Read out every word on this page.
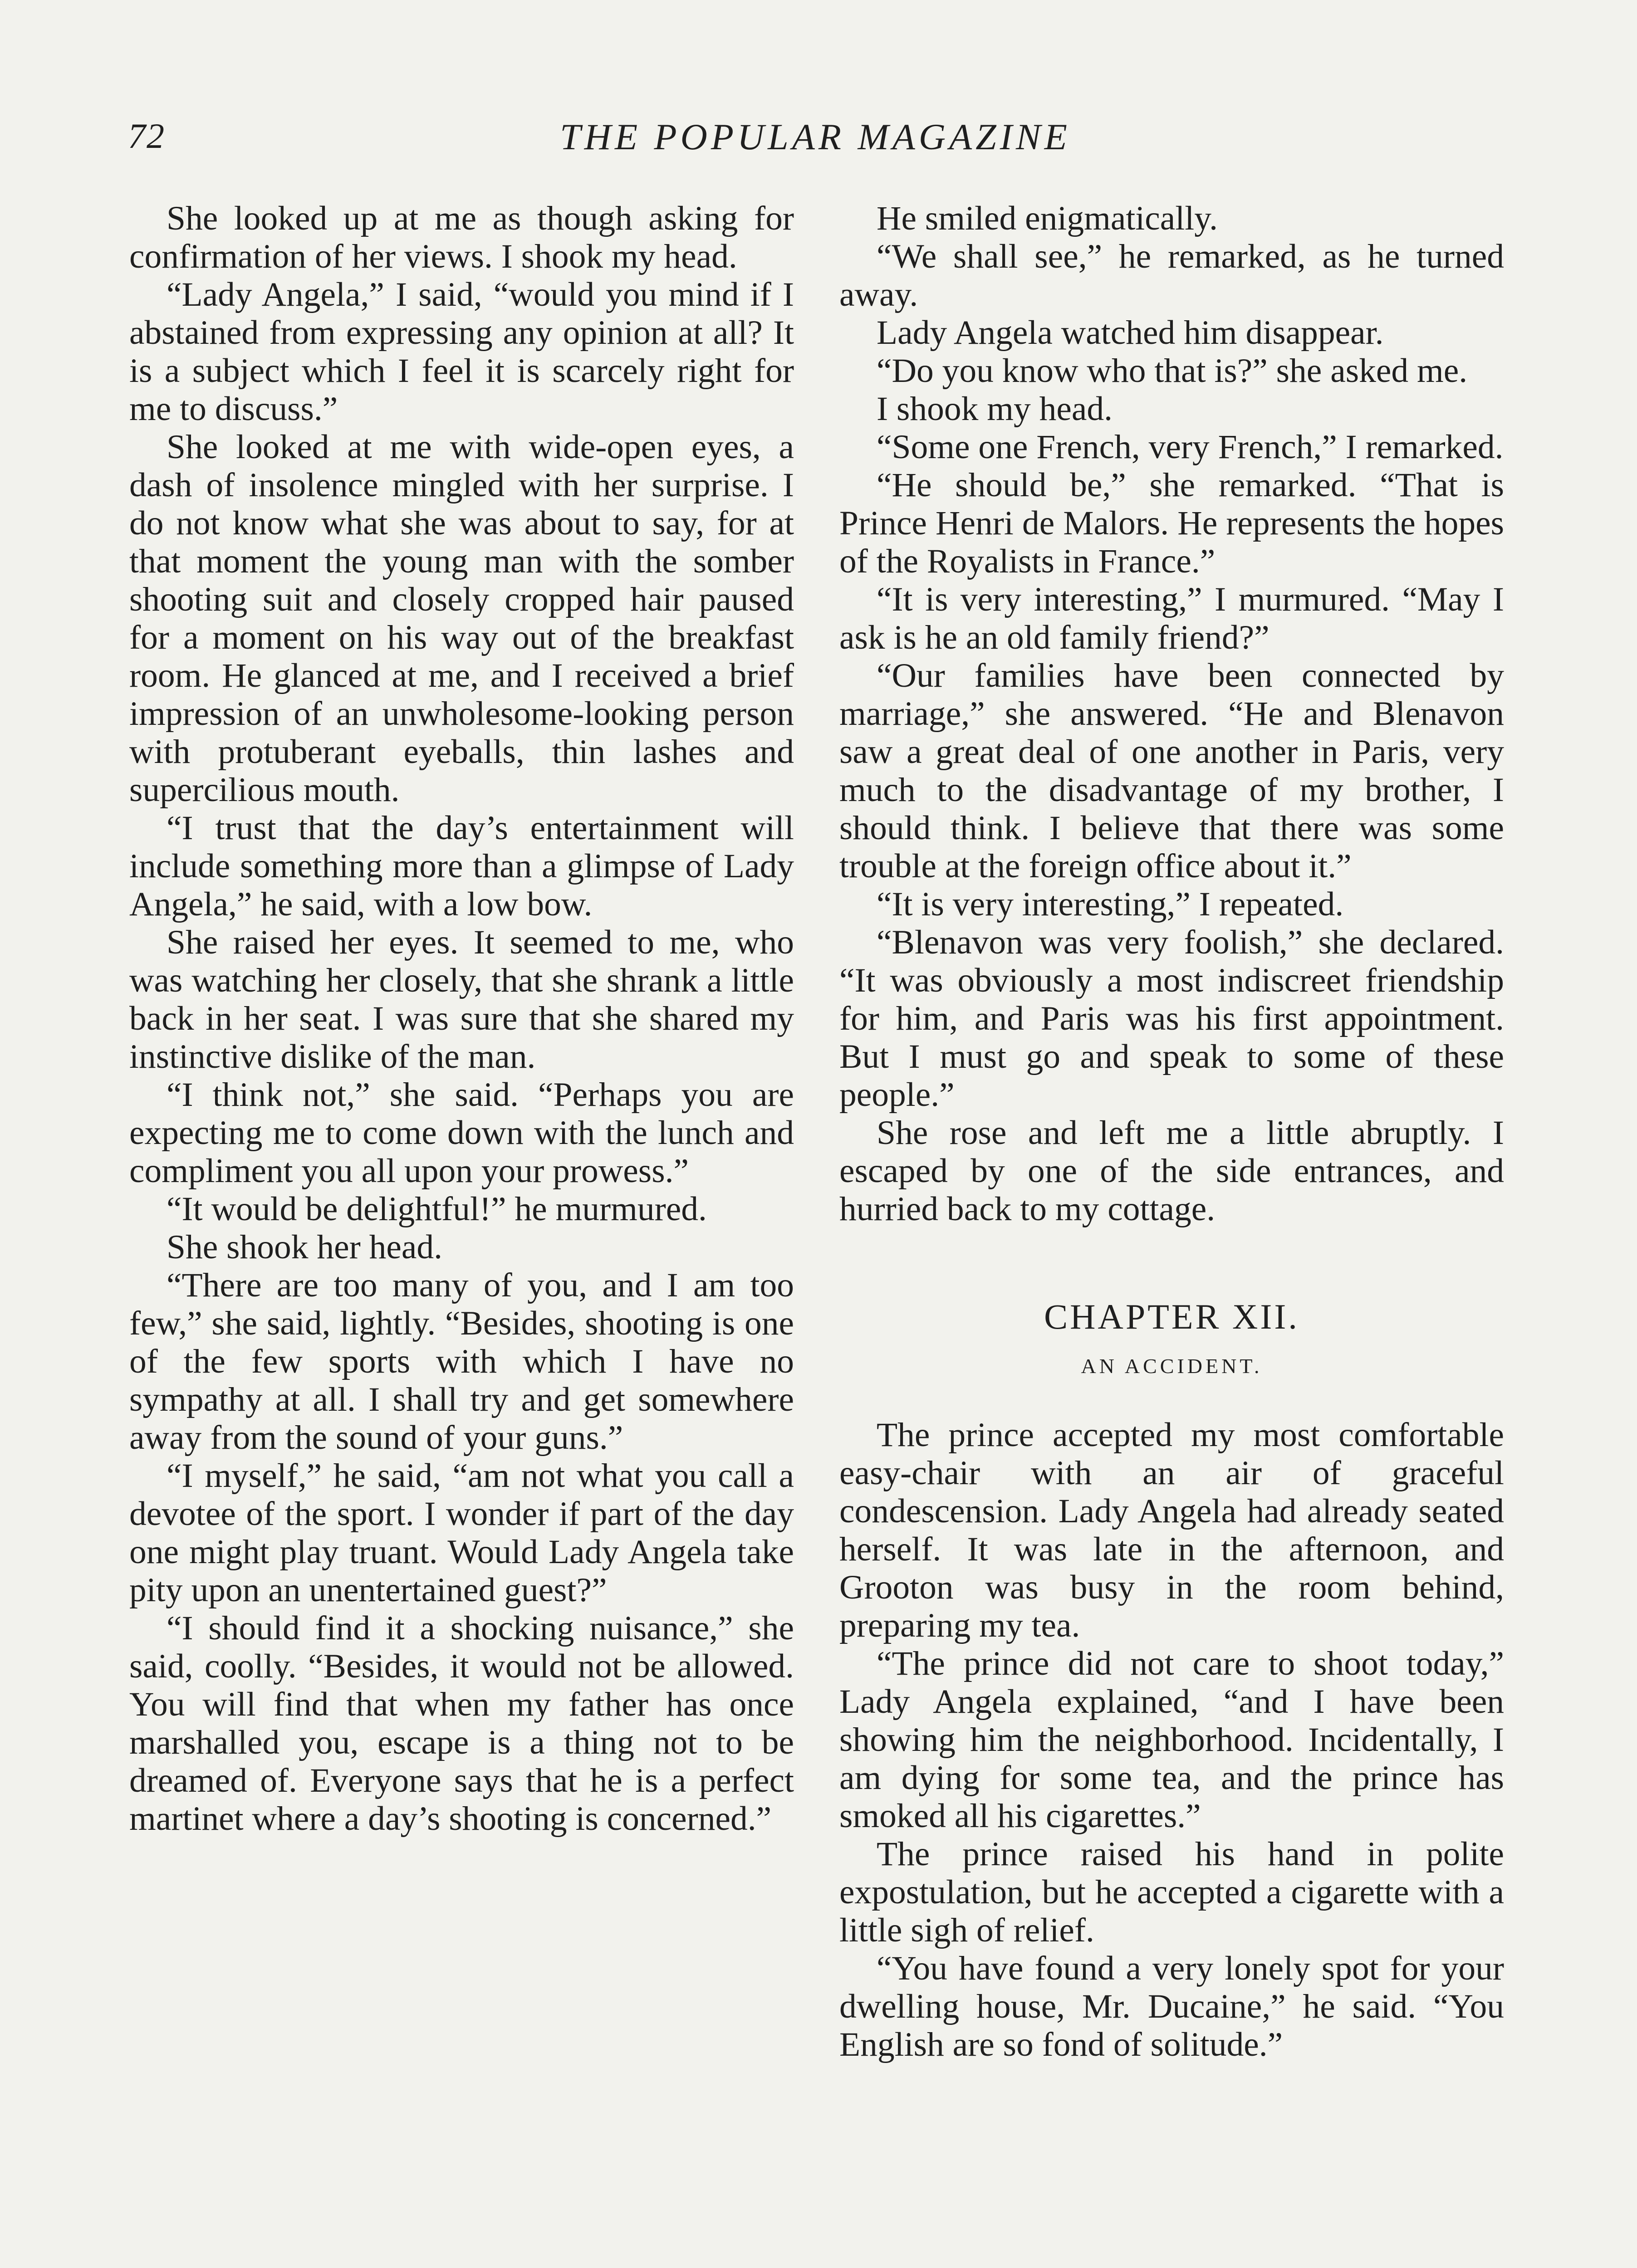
72	THE POPULAR MAGAZINE

She looked up at me as though asking for confirmation of her views. I shook my head.

“Lady Angela,” I said, “would you mind if I abstained from expressing any opinion at all? It is a subject which I feel it is scarcely right for me to discuss.”

She looked at me with wide-open eyes, a dash of insolence mingled with her surprise. I do not know what she was about to say, for at that moment the young man with the somber shooting suit and closely cropped hair paused for a moment on his way out of the breakfast room. He glanced at me, and I received a brief impression of an unwholesome-looking person with protuberant eyeballs, thin lashes and supercilious mouth.

“I trust that the day’s entertainment will include something more than a glimpse of Lady Angela,” he said, with a low bow.

She raised her eyes. It seemed to me, who was watching her closely, that she shrank a little back in her seat. I was sure that she shared my instinctive dislike of the man.

“I think not,” she said. “Perhaps you are expecting me to come down with the lunch and compliment you all upon your prowess.”

“It would be delightful!” he murmured.

She shook her head.

“There are too many of you, and I am too few,” she said, lightly. “Besides, shooting is one of the few sports with which I have no sympathy at all. I shall try and get somewhere away from the sound of your guns.”

“I myself,” he said, “am not what you call a devotee of the sport. I wonder if part of the day one might play truant. Would Lady Angela take pity upon an unentertained guest?”

“I should find it a shocking nuisance,” she said, coolly. “Besides, it would not be allowed. You will find that when my father has once marshalled you, escape is a thing not to be dreamed of. Everyone says that he is a perfect martinet where a day’s shooting is concerned.”

He smiled enigmatically.

“We shall see,” he remarked, as he turned away.

Lady Angela watched him disappear.

“Do you know who that is?” she asked me.

I shook my head.

“Some one French, very French,” I remarked.

“He should be,” she remarked. “That is Prince Henri de Malors. He represents the hopes of the Royalists in France.”

“It is very interesting,” I murmured. “May I ask is he an old family friend?”

“Our families have been connected by marriage,” she answered. “He and Blenavon saw a great deal of one another in Paris, very much to the disadvantage of my brother, I should think. I believe that there was some trouble at the foreign office about it.”

“It is very interesting,” I repeated.

“Blenavon was very foolish,” she declared. “It was obviously a most indiscreet friendship for him, and Paris was his first appointment. But I must go and speak to some of these people.”

She rose and left me a little abruptly. I escaped by one of the side entrances, and hurried back to my cottage.

CHAPTER XII.
AN ACCIDENT.

The prince accepted my most comfortable easy-chair with an air of graceful condescension. Lady Angela had already seated herself. It was late in the afternoon, and Grooton was busy in the room behind, preparing my tea.

“The prince did not care to shoot today,” Lady Angela explained, “and I have been showing him the neighborhood. Incidentally, I am dying for some tea, and the prince has smoked all his cigarettes.”

The prince raised his hand in polite expostulation, but he accepted a cigarette with a little sigh of relief.

“You have found a very lonely spot for your dwelling house, Mr. Ducaine,” he said. “You English are so fond of solitude.”
